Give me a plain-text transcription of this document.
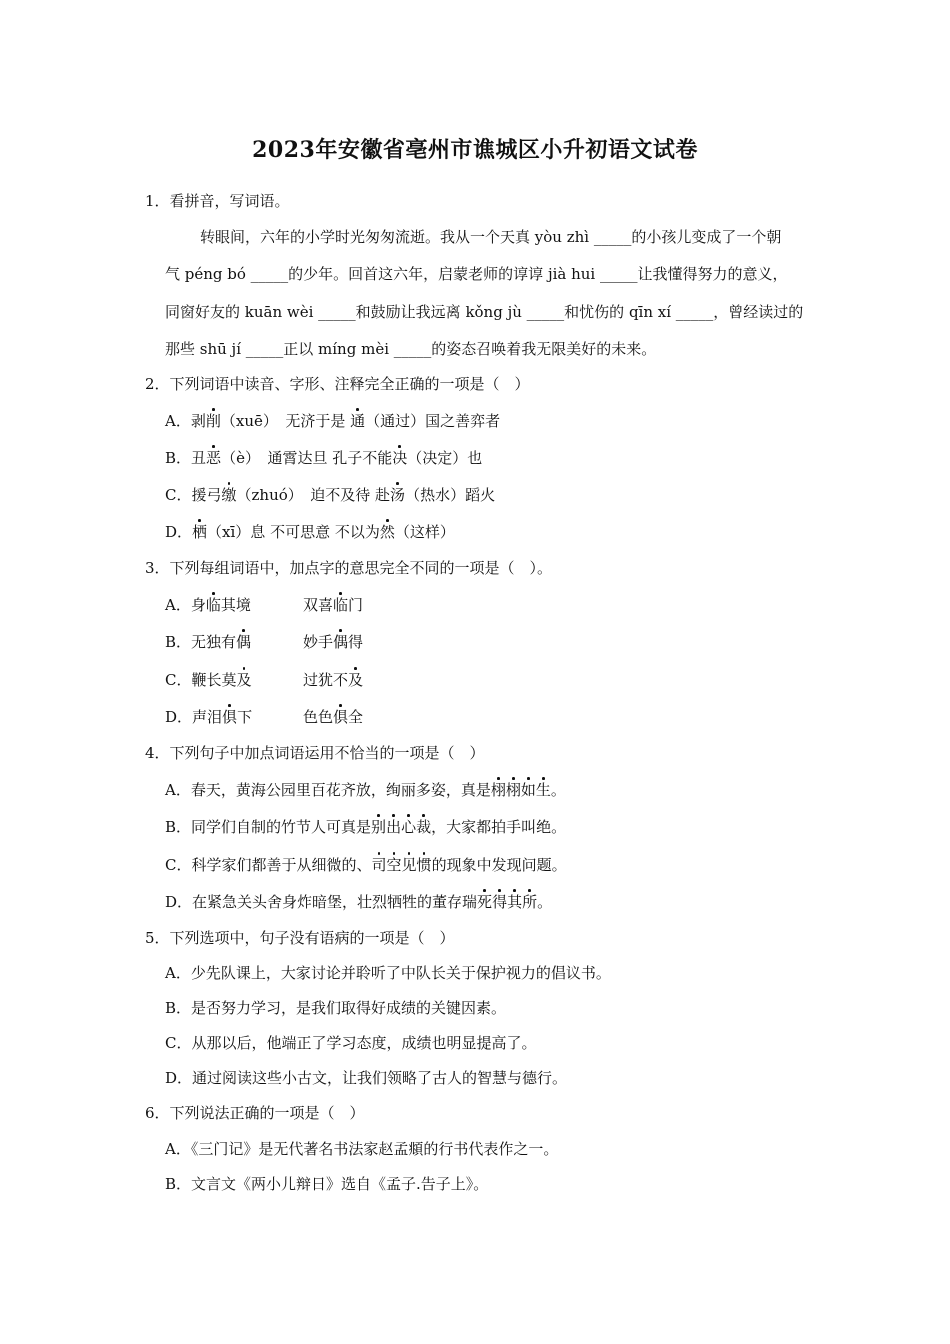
2023年安徽省亳州市谯城区小升初语文试卷
1．看拼音，写词语。
转眼间，六年的小学时光匆匆流逝。我从一个天真 yòu zhì _____的小孩儿变成了一个朝
气 péng bó _____的少年。回首这六年，启蒙老师的谆谆 jià hui _____让我懂得努力的意义，
同窗好友的 kuān wèi _____和鼓励让我远离 kǒng jù _____和忧伤的 qīn xí _____，曾经读过的
那些 shū jí _____正以 míng mèi _____的姿态召唤着我无限美好的未来。
2．下列词语中读音、字形、注释完全正确的一项是（　）
A．剥削（xuē）　无济于是 通（通过）国之善弈者
B．丑恶（è）　通霄达旦 孔子不能决（决定）也
C．援弓缴（zhuó）　迫不及待 赴汤（热水）蹈火
D．栖（xī）息 不可思意 不以为然（这样）
3．下列每组词语中，加点字的意思完全不同的一项是（　）。
A．身临其境	双喜临门
B．无独有偶	妙手偶得
C．鞭长莫及	过犹不及
D．声泪俱下	色色俱全
4．下列句子中加点词语运用不恰当的一项是（　）
A．春天，黄海公园里百花齐放，绚丽多姿，真是栩栩如生。
B．同学们自制的竹节人可真是别出心裁，大家都拍手叫绝。
C．科学家们都善于从细微的、司空见惯的现象中发现问题。
D．在紧急关头舍身炸暗堡，壮烈牺牲的董存瑞死得其所。
5．下列选项中，句子没有语病的一项是（　）
A．少先队课上，大家讨论并聆听了中队长关于保护视力的倡议书。
B．是否努力学习，是我们取得好成绩的关键因素。
C．从那以后，他端正了学习态度，成绩也明显提高了。
D．通过阅读这些小古文，让我们领略了古人的智慧与德行。
6．下列说法正确的一项是（　）
A．《三门记》是无代著名书法家赵孟頫的行书代表作之一。
B．文言文《两小儿辩日》选自《孟子.告子上》。
